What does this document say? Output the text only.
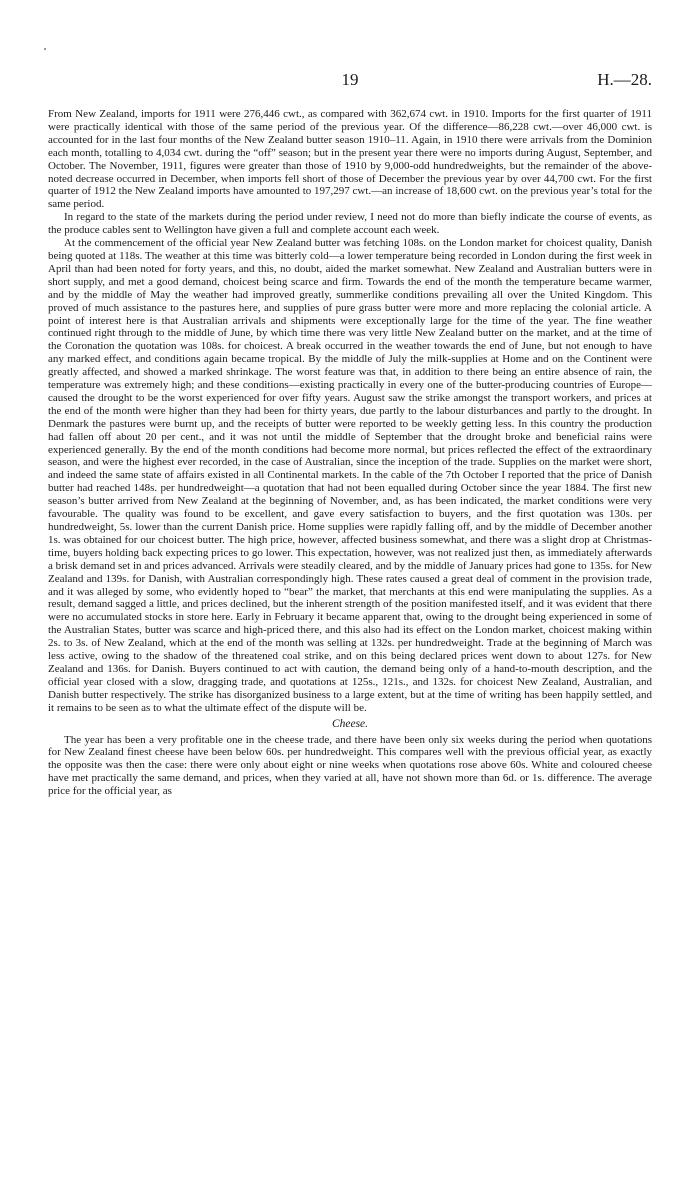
19	H.—28.

From New Zealand, imports for 1911 were 276,446 cwt., as compared with 362,674 cwt. in 1910. Imports for the first quarter of 1911 were practically identical with those of the same period of the previous year. Of the difference—86,228 cwt.—over 46,000 cwt. is accounted for in the last four months of the New Zealand butter season 1910–11. Again, in 1910 there were arrivals from the Dominion each month, totalling to 4,034 cwt. during the “off” season; but in the present year there were no imports during August, September, and October. The November, 1911, figures were greater than those of 1910 by 9,000-odd hundredweights, but the remainder of the above-noted decrease occurred in December, when imports fell short of those of December the previous year by over 44,700 cwt. For the first quarter of 1912 the New Zealand imports have amounted to 197,297 cwt.—an increase of 18,600 cwt. on the previous year’s total for the same period.

In regard to the state of the markets during the period under review, I need not do more than biefly indicate the course of events, as the produce cables sent to Wellington have given a full and complete account each week.

At the commencement of the official year New Zealand butter was fetching 108s. on the London market for choicest quality, Danish being quoted at 118s. The weather at this time was bitterly cold—a lower temperature being recorded in London during the first week in April than had been noted for forty years, and this, no doubt, aided the market somewhat. New Zealand and Australian butters were in short supply, and met a good demand, choicest being scarce and firm. Towards the end of the month the temperature became warmer, and by the middle of May the weather had improved greatly, summerlike conditions prevailing all over the United Kingdom. This proved of much assistance to the pastures here, and supplies of pure grass butter were more and more replacing the colonial article. A point of interest here is that Australian arrivals and shipments were exceptionally large for the time of the year. The fine weather continued right through to the middle of June, by which time there was very little New Zealand butter on the market, and at the time of the Coronation the quotation was 108s. for choicest. A break occurred in the weather towards the end of June, but not enough to have any marked effect, and conditions again became tropical. By the middle of July the milk-supplies at Home and on the Continent were greatly affected, and showed a marked shrinkage. The worst feature was that, in addition to there being an entire absence of rain, the temperature was extremely high; and these conditions—existing practically in every one of the butter-producing countries of Europe—caused the drought to be the worst experienced for over fifty years. August saw the strike amongst the transport workers, and prices at the end of the month were higher than they had been for thirty years, due partly to the labour disturbances and partly to the drought. In Denmark the pastures were burnt up, and the receipts of butter were reported to be weekly getting less. In this country the production had fallen off about 20 per cent., and it was not until the middle of September that the drought broke and beneficial rains were experienced generally. By the end of the month conditions had become more normal, but prices reflected the effect of the extraordinary season, and were the highest ever recorded, in the case of Australian, since the inception of the trade. Supplies on the market were short, and indeed the same state of affairs existed in all Continental markets. In the cable of the 7th October I reported that the price of Danish butter had reached 148s. per hundredweight—a quotation that had not been equalled during October since the year 1884. The first new season’s butter arrived from New Zealand at the beginning of November, and, as has been indicated, the market conditions were very favourable. The quality was found to be excellent, and gave every satisfaction to buyers, and the first quotation was 130s. per hundredweight, 5s. lower than the current Danish price. Home supplies were rapidly falling off, and by the middle of December another 1s. was obtained for our choicest butter. The high price, however, affected business somewhat, and there was a slight drop at Christmas-time, buyers holding back expecting prices to go lower. This expectation, however, was not realized just then, as immediately afterwards a brisk demand set in and prices advanced. Arrivals were steadily cleared, and by the middle of January prices had gone to 135s. for New Zealand and 139s. for Danish, with Australian correspondingly high. These rates caused a great deal of comment in the provision trade, and it was alleged by some, who evidently hoped to “bear” the market, that merchants at this end were manipulating the supplies. As a result, demand sagged a little, and prices declined, but the inherent strength of the position manifested itself, and it was evident that there were no accumulated stocks in store here. Early in February it became apparent that, owing to the drought being experienced in some of the Australian States, butter was scarce and high-priced there, and this also had its effect on the London market, choicest making within 2s. to 3s. of New Zealand, which at the end of the month was selling at 132s. per hundredweight. Trade at the beginning of March was less active, owing to the shadow of the threatened coal strike, and on this being declared prices went down to about 127s. for New Zealand and 136s. for Danish. Buyers continued to act with caution, the demand being only of a hand-to-mouth description, and the official year closed with a slow, dragging trade, and quotations at 125s., 121s., and 132s. for choicest New Zealand, Australian, and Danish butter respectively. The strike has disorganized business to a large extent, but at the time of writing has been happily settled, and it remains to be seen as to what the ultimate effect of the dispute will be.

Cheese.

The year has been a very profitable one in the cheese trade, and there have been only six weeks during the period when quotations for New Zealand finest cheese have been below 60s. per hundredweight. This compares well with the previous official year, as exactly the opposite was then the case: there were only about eight or nine weeks when quotations rose above 60s. White and coloured cheese have met practically the same demand, and prices, when they varied at all, have not shown more than 6d. or 1s. difference. The average price for the official year, as
